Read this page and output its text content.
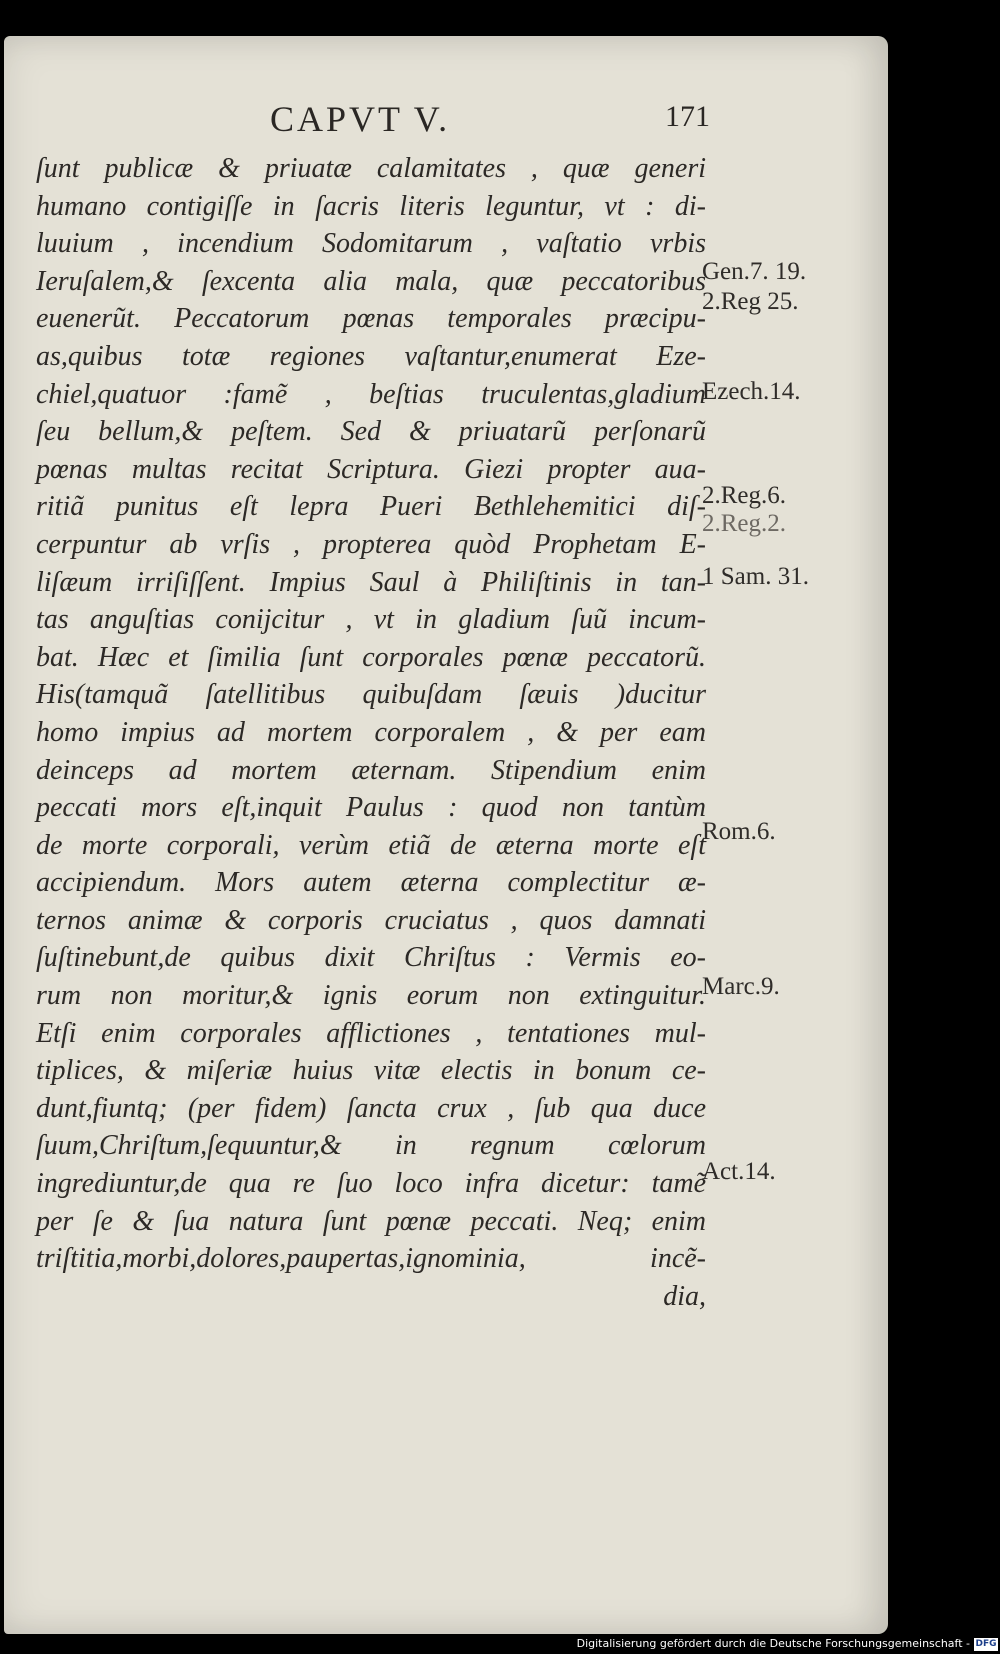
CAPVT V.	171
ſunt publicæ & priuatæ calamitates , quæ generi
humano contigiſſe in ſacris literis leguntur, vt : di-
luuium , incendium Sodomitarum , vaſtatio vrbis
Ieruſalem,& ſexcenta alia mala, quæ peccatoribus
euenerũt. Peccatorum pœnas temporales præcipu-
as,quibus totæ regiones vaſtantur,enumerat Eze-
chiel,quatuor :famẽ , beſtias truculentas,gladium
ſeu bellum,& peſtem. Sed & priuatarũ perſonarũ
pœnas multas recitat Scriptura. Giezi propter aua-
ritiã punitus eſt lepra Pueri Bethlehemitici diſ-
cerpuntur ab vrſis , propterea quòd Prophetam E-
liſæum irriſiſſent. Impius Saul à Philiſtinis in tan-
tas anguſtias conijcitur , vt in gladium ſuũ incum-
bat. Hæc et ſimilia ſunt corporales pœnæ peccatorũ.
His(tamquã ſatellitibus quibuſdam ſæuis )ducitur
homo impius ad mortem corporalem , & per eam
deinceps ad mortem æternam. Stipendium enim
peccati mors eſt,inquit Paulus : quod non tantùm
de morte corporali, verùm etiã de æterna morte eſt
accipiendum. Mors autem æterna complectitur æ-
ternos animæ & corporis cruciatus , quos damnati
ſuſtinebunt,de quibus dixit Chriſtus : Vermis eo-
rum non moritur,& ignis eorum non extinguitur.
Etſi enim corporales afflictiones , tentationes mul-
tiplices, & miſeriæ huius vitæ electis in bonum ce-
dunt,fiuntq; (per fidem) ſancta crux , ſub qua duce
ſuum,Chriſtum,ſequuntur,& in regnum cœlorum
ingrediuntur,de qua re ſuo loco infra dicetur: tamẽ
per ſe & ſua natura ſunt pœnæ peccati. Neq; enim
triſtitia,morbi,dolores,paupertas,ignominia, incẽ-
dia,
Gen.7. 19.
2.Reg 25.
Ezech.14.
2.Reg.6.
2.Reg.2.
1 Sam. 31.
Rom.6.
Marc.9.
Act.14.
Digitalisierung gefördert durch die Deutsche Forschungsgemeinschaft - DFG
